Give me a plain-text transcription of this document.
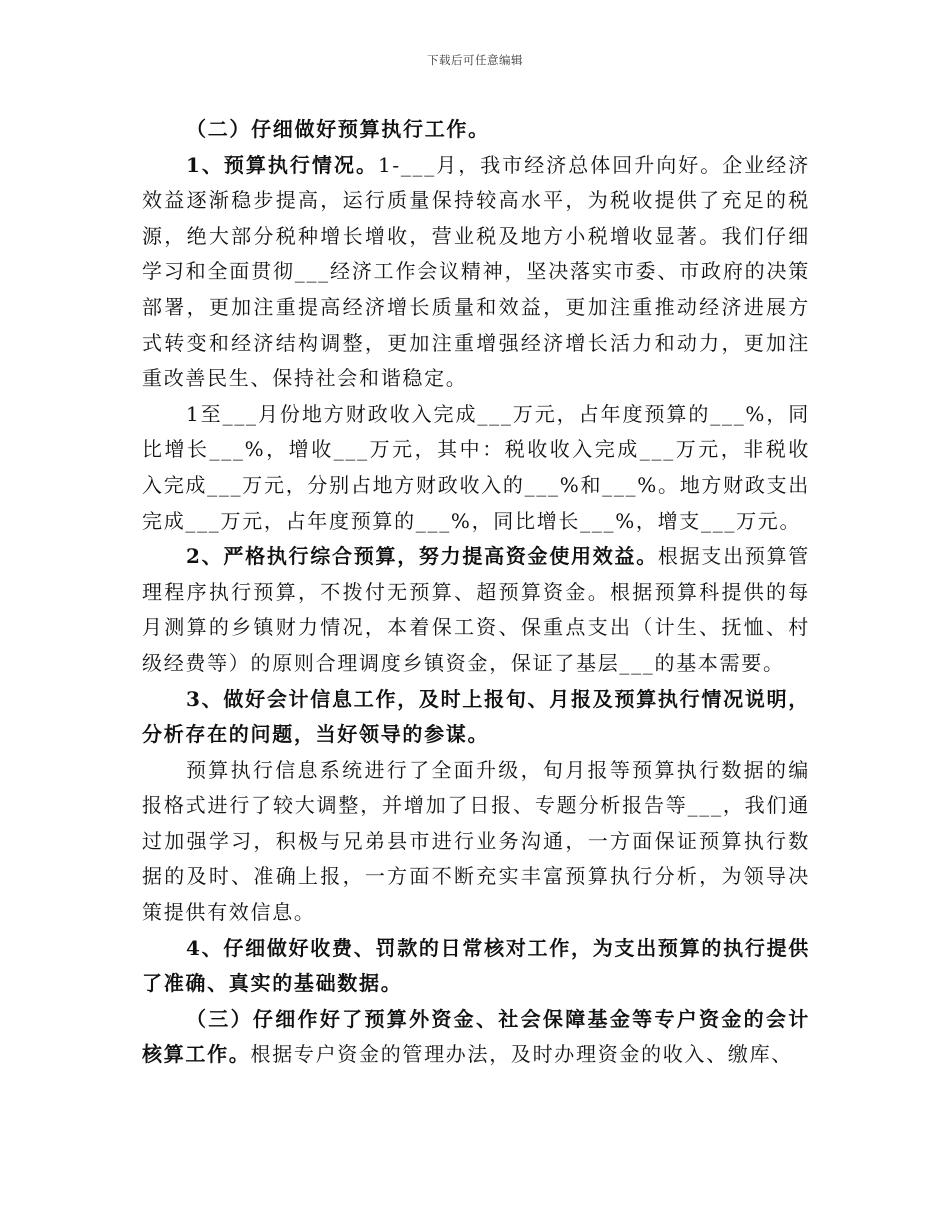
下载后可任意编辑

（二）仔细做好预算执行工作。

1、预算执行情况。1-___月，我市经济总体回升向好。企业经济效益逐渐稳步提高，运行质量保持较高水平，为税收提供了充足的税源，绝大部分税种增长增收，营业税及地方小税增收显著。我们仔细学习和全面贯彻___经济工作会议精神，坚决落实市委、市政府的决策部署，更加注重提高经济增长质量和效益，更加注重推动经济进展方式转变和经济结构调整，更加注重增强经济增长活力和动力，更加注重改善民生、保持社会和谐稳定。

1至___月份地方财政收入完成___万元，占年度预算的___%，同比增长___%，增收___万元，其中：税收收入完成___万元，非税收入完成___万元，分别占地方财政收入的___%和___%。地方财政支出完成___万元，占年度预算的___%，同比增长___%，增支___万元。

2、严格执行综合预算，努力提高资金使用效益。根据支出预算管理程序执行预算，不拨付无预算、超预算资金。根据预算科提供的每月测算的乡镇财力情况，本着保工资、保重点支出（计生、抚恤、村级经费等）的原则合理调度乡镇资金，保证了基层___的基本需要。

3、做好会计信息工作，及时上报旬、月报及预算执行情况说明，分析存在的问题，当好领导的参谋。

预算执行信息系统进行了全面升级，旬月报等预算执行数据的编报格式进行了较大调整，并增加了日报、专题分析报告等___，我们通过加强学习，积极与兄弟县市进行业务沟通，一方面保证预算执行数据的及时、准确上报，一方面不断充实丰富预算执行分析，为领导决策提供有效信息。

4、仔细做好收费、罚款的日常核对工作，为支出预算的执行提供了准确、真实的基础数据。

（三）仔细作好了预算外资金、社会保障基金等专户资金的会计核算工作。根据专户资金的管理办法，及时办理资金的收入、缴库、
